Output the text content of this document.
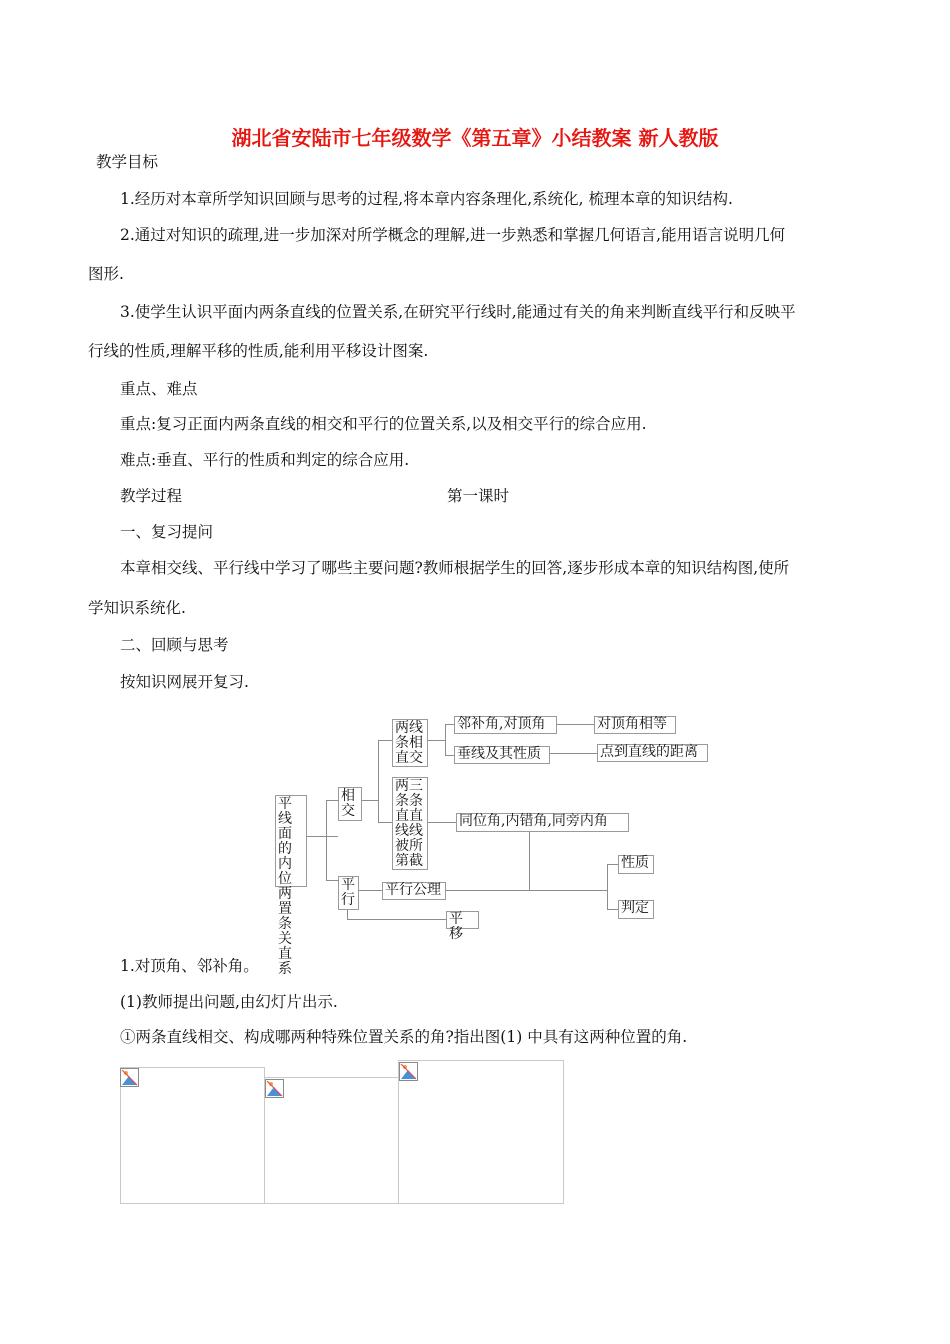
湖北省安陆市七年级数学《第五章》小结教案 新人教版
教学目标
1.经历对本章所学知识回顾与思考的过程,将本章内容条理化,系统化, 梳理本章的知识结构.
2.通过对知识的疏理,进一步加深对所学概念的理解,进一步熟悉和掌握几何语言,能用语言说明几何
图形.
3.使学生认识平面内两条直线的位置关系,在研究平行线时,能通过有关的角来判断直线平行和反映平
行线的性质,理解平移的性质,能利用平移设计图案.
重点、难点
重点:复习正面内两条直线的相交和平行的位置关系,以及相交平行的综合应用.
难点:垂直、平行的性质和判定的综合应用.
教学过程	第一课时
一、复习提问
本章相交线、平行线中学习了哪些主要问题?教师根据学生的回答,逐步形成本章的知识结构图,使所
学知识系统化.
二、回顾与思考
按知识网展开复习.
平线面的内位两置条关直系
相交
平行
两线条相直交
两三条条直直线线被所第截
邻补角,对顶角	对顶角相等
垂线及其性质	点到直线的距离
同位角,内错角,同旁内角
性质
判定
平行公理
平移
1.对顶角、邻补角。
(1)教师提出问题,由幻灯片出示.
①两条直线相交、构成哪两种特殊位置关系的角?指出图(1) 中具有这两种位置的角.
